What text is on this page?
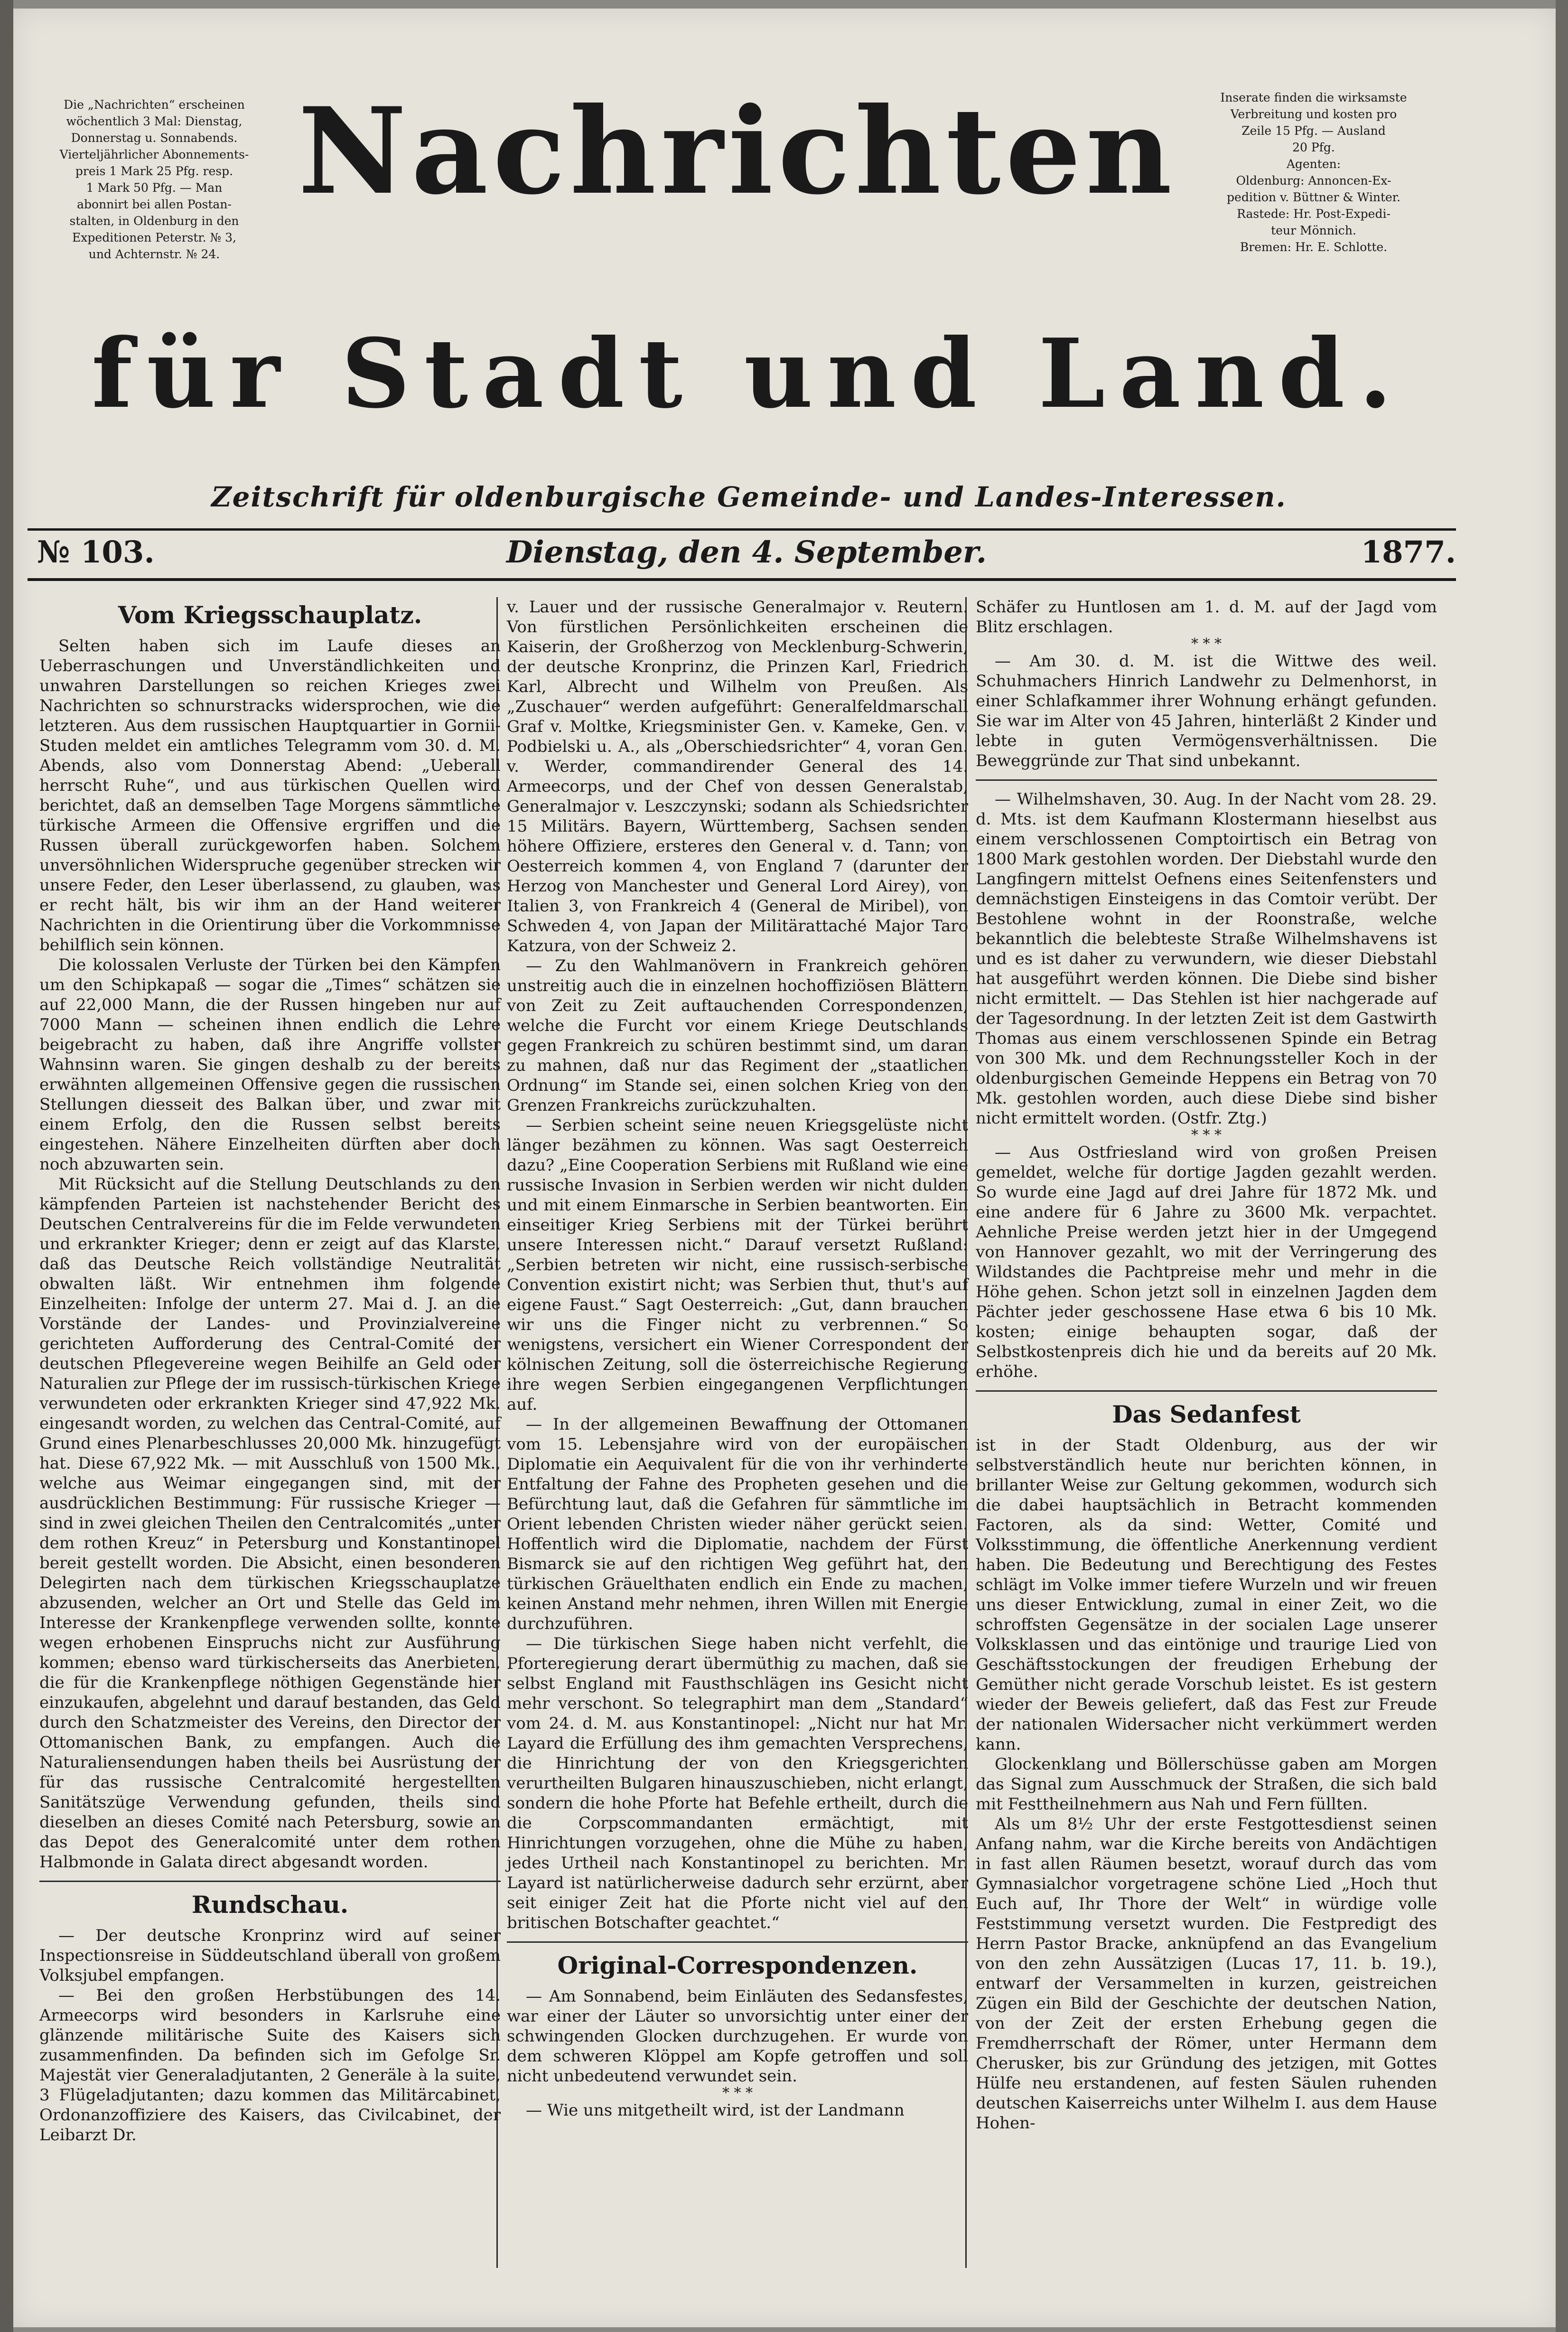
Die „Nachrichten“ erscheinen
wöchentlich 3 Mal: Dienstag,
Donnerstag u. Sonnabends.
Vierteljährlicher Abonnements-
preis 1 Mark 25 Pfg. resp.
1 Mark 50 Pfg. — Man
abonnirt bei allen Postan-
stalten, in Oldenburg in den
Expeditionen Peterstr. № 3,
und Achternstr. № 24.
Inserate finden die wirksamste
Verbreitung und kosten pro
Zeile 15 Pfg. — Ausland
20 Pfg.
Agenten:
Oldenburg: Annoncen-Ex-
pedition v. Büttner & Winter.
Rastede: Hr. Post-Expedi-
teur Mönnich.
Bremen: Hr. E. Schlotte.
Nachrichten
für Stadt und Land.
Zeitschrift für oldenburgische Gemeinde- und Landes-Interessen.
№ 103.	Dienstag, den 4. September.	1877.
Vom Kriegsschauplatz.

Selten haben sich im Laufe dieses an Ueberraschungen und Unverständlichkeiten und unwahren Darstellungen so reichen Krieges zwei Nachrichten so schnurstracks widersprochen, wie die letzteren. Aus dem russischen Hauptquartier in Gornii-Studen meldet ein amtliches Telegramm vom 30. d. M. Abends, also vom Donnerstag Abend: „Ueberall herrscht Ruhe“, und aus türkischen Quellen wird berichtet, daß an demselben Tage Morgens sämmtliche türkische Armeen die Offensive ergriffen und die Russen überall zurückgeworfen haben. Solchem unversöhnlichen Widerspruche gegenüber strecken wir unsere Feder, den Leser überlassend, zu glauben, was er recht hält, bis wir ihm an der Hand weiterer Nachrichten in die Orientirung über die Vorkommnisse behilflich sein können.

Die kolossalen Verluste der Türken bei den Kämpfen um den Schipkapaß — sogar die „Times“ schätzen sie auf 22,000 Mann, die der Russen hingeben nur auf 7000 Mann — scheinen ihnen endlich die Lehre beigebracht zu haben, daß ihre Angriffe vollster Wahnsinn waren. Sie gingen deshalb zu der bereits erwähnten allgemeinen Offensive gegen die russischen Stellungen diesseit des Balkan über, und zwar mit einem Erfolg, den die Russen selbst bereits eingestehen. Nähere Einzelheiten dürften aber doch noch abzuwarten sein.

Mit Rücksicht auf die Stellung Deutschlands zu den kämpfenden Parteien ist nachstehender Bericht des Deutschen Centralvereins für die im Felde verwundeten und erkrankter Krieger; denn er zeigt auf das Klarste, daß das Deutsche Reich vollständige Neutralität obwalten läßt. Wir entnehmen ihm folgende Einzelheiten: Infolge der unterm 27. Mai d. J. an die Vorstände der Landes- und Provinzialvereine gerichteten Aufforderung des Central-Comité der deutschen Pflegevereine wegen Beihilfe an Geld oder Naturalien zur Pflege der im russisch-türkischen Kriege verwundeten oder erkrankten Krieger sind 47,922 Mk. eingesandt worden, zu welchen das Central-Comité, auf Grund eines Plenarbeschlusses 20,000 Mk. hinzugefügt hat. Diese 67,922 Mk. — mit Ausschluß von 1500 Mk., welche aus Weimar eingegangen sind, mit der ausdrücklichen Bestimmung: Für russische Krieger — sind in zwei gleichen Theilen den Centralcomités „unter dem rothen Kreuz“ in Petersburg und Konstantinopel bereit gestellt worden. Die Absicht, einen besonderen Delegirten nach dem türkischen Kriegsschauplatze abzusenden, welcher an Ort und Stelle das Geld im Interesse der Krankenpflege verwenden sollte, konnte wegen erhobenen Einspruchs nicht zur Ausführung kommen; ebenso ward türkischerseits das Anerbieten, die für die Krankenpflege nöthigen Gegenstände hier einzukaufen, abgelehnt und darauf bestanden, das Geld durch den Schatzmeister des Vereins, den Director der Ottomanischen Bank, zu empfangen. Auch die Naturaliensendungen haben theils bei Ausrüstung der für das russische Centralcomité hergestellten Sanitätszüge Verwendung gefunden, theils sind dieselben an dieses Comité nach Petersburg, sowie an das Depot des Generalcomité unter dem rothen Halbmonde in Galata direct abgesandt worden.

Rundschau.

— Der deutsche Kronprinz wird auf seiner Inspectionsreise in Süddeutschland überall von großem Volksjubel empfangen.

— Bei den großen Herbstübungen des 14. Armeecorps wird besonders in Karlsruhe eine glänzende militärische Suite des Kaisers sich zusammenfinden. Da befinden sich im Gefolge Sr. Majestät vier Generaladjutanten, 2 Generäle à la suite, 3 Flügeladjutanten; dazu kommen das Militärcabinet, Ordonanzoffiziere des Kaisers, das Civilcabinet, der Leibarzt Dr.

v. Lauer und der russische Generalmajor v. Reutern. Von fürstlichen Persönlichkeiten erscheinen die Kaiserin, der Großherzog von Mecklenburg-Schwerin, der deutsche Kronprinz, die Prinzen Karl, Friedrich Karl, Albrecht und Wilhelm von Preußen. Als „Zuschauer“ werden aufgeführt: Generalfeldmarschall Graf v. Moltke, Kriegsminister Gen. v. Kameke, Gen. v. Podbielski u. A., als „Oberschiedsrichter“ 4, voran Gen. v. Werder, commandirender General des 14. Armeecorps, und der Chef von dessen Generalstab, Generalmajor v. Leszczynski; sodann als Schiedsrichter 15 Militärs. Bayern, Württemberg, Sachsen senden höhere Offiziere, ersteres den General v. d. Tann; von Oesterreich kommen 4, von England 7 (darunter der Herzog von Manchester und General Lord Airey), von Italien 3, von Frankreich 4 (General de Miribel), von Schweden 4, von Japan der Militärattaché Major Taro Katzura, von der Schweiz 2.

— Zu den Wahlmanövern in Frankreich gehören unstreitig auch die in einzelnen hochoffiziösen Blättern von Zeit zu Zeit auftauchenden Correspondenzen, welche die Furcht vor einem Kriege Deutschlands gegen Frankreich zu schüren bestimmt sind, um daran zu mahnen, daß nur das Regiment der „staatlichen Ordnung“ im Stande sei, einen solchen Krieg von den Grenzen Frankreichs zurückzuhalten.

— Serbien scheint seine neuen Kriegsgelüste nicht länger bezähmen zu können. Was sagt Oesterreich dazu? „Eine Cooperation Serbiens mit Rußland wie eine russische Invasion in Serbien werden wir nicht dulden und mit einem Einmarsche in Serbien beantworten. Ein einseitiger Krieg Serbiens mit der Türkei berührt unsere Interessen nicht.“ Darauf versetzt Rußland: „Serbien betreten wir nicht, eine russisch-serbische Convention existirt nicht; was Serbien thut, thut's auf eigene Faust.“ Sagt Oesterreich: „Gut, dann brauchen wir uns die Finger nicht zu verbrennen.“ So wenigstens, versichert ein Wiener Correspondent der kölnischen Zeitung, soll die österreichische Regierung ihre wegen Serbien eingegangenen Verpflichtungen auf.

— In der allgemeinen Bewaffnung der Ottomanen vom 15. Lebensjahre wird von der europäischen Diplomatie ein Aequivalent für die von ihr verhinderte Entfaltung der Fahne des Propheten gesehen und die Befürchtung laut, daß die Gefahren für sämmtliche im Orient lebenden Christen wieder näher gerückt seien. Hoffentlich wird die Diplomatie, nachdem der Fürst Bismarck sie auf den richtigen Weg geführt hat, den türkischen Gräuelthaten endlich ein Ende zu machen, keinen Anstand mehr nehmen, ihren Willen mit Energie durchzuführen.

— Die türkischen Siege haben nicht verfehlt, die Pforteregierung derart übermüthig zu machen, daß sie selbst England mit Fausthschlägen ins Gesicht nicht mehr verschont. So telegraphirt man dem „Standard“ vom 24. d. M. aus Konstantinopel: „Nicht nur hat Mr. Layard die Erfüllung des ihm gemachten Versprechens, die Hinrichtung der von den Kriegsgerichten verurtheilten Bulgaren hinauszuschieben, nicht erlangt, sondern die hohe Pforte hat Befehle ertheilt, durch die die Corpscommandanten ermächtigt, mit Hinrichtungen vorzugehen, ohne die Mühe zu haben, jedes Urtheil nach Konstantinopel zu berichten. Mr. Layard ist natürlicherweise dadurch sehr erzürnt, aber seit einiger Zeit hat die Pforte nicht viel auf den britischen Botschafter geachtet.“

Original-Correspondenzen.

— Am Sonnabend, beim Einläuten des Sedansfestes, war einer der Läuter so unvorsichtig unter einer der schwingenden Glocken durchzugehen. Er wurde von dem schweren Klöppel am Kopfe getroffen und soll nicht unbedeutend verwundet sein.

* * *

— Wie uns mitgetheilt wird, ist der Landmann

Schäfer zu Huntlosen am 1. d. M. auf der Jagd vom Blitz erschlagen.

* * *

— Am 30. d. M. ist die Wittwe des weil. Schuhmachers Hinrich Landwehr zu Delmenhorst, in einer Schlafkammer ihrer Wohnung erhängt gefunden. Sie war im Alter von 45 Jahren, hinterläßt 2 Kinder und lebte in guten Vermögensverhältnissen. Die Beweggründe zur That sind unbekannt.

— Wilhelmshaven, 30. Aug. In der Nacht vom 28. 29. d. Mts. ist dem Kaufmann Klostermann hieselbst aus einem verschlossenen Comptoirtisch ein Betrag von 1800 Mark gestohlen worden. Der Diebstahl wurde den Langfingern mittelst Oefnens eines Seitenfensters und demnächstigen Einsteigens in das Comtoir verübt. Der Bestohlene wohnt in der Roonstraße, welche bekanntlich die belebteste Straße Wilhelmshavens ist und es ist daher zu verwundern, wie dieser Diebstahl hat ausgeführt werden können. Die Diebe sind bisher nicht ermittelt. — Das Stehlen ist hier nachgerade auf der Tagesordnung. In der letzten Zeit ist dem Gastwirth Thomas aus einem verschlossenen Spinde ein Betrag von 300 Mk. und dem Rechnungssteller Koch in der oldenburgischen Gemeinde Heppens ein Betrag von 70 Mk. gestohlen worden, auch diese Diebe sind bisher nicht ermittelt worden. (Ostfr. Ztg.)

* * *

— Aus Ostfriesland wird von großen Preisen gemeldet, welche für dortige Jagden gezahlt werden. So wurde eine Jagd auf drei Jahre für 1872 Mk. und eine andere für 6 Jahre zu 3600 Mk. verpachtet. Aehnliche Preise werden jetzt hier in der Umgegend von Hannover gezahlt, wo mit der Verringerung des Wildstandes die Pachtpreise mehr und mehr in die Höhe gehen. Schon jetzt soll in einzelnen Jagden dem Pächter jeder geschossene Hase etwa 6 bis 10 Mk. kosten; einige behaupten sogar, daß der Selbstkostenpreis dich hie und da bereits auf 20 Mk. erhöhe.

Das Sedanfest

ist in der Stadt Oldenburg, aus der wir selbstverständlich heute nur berichten können, in brillanter Weise zur Geltung gekommen, wodurch sich die dabei hauptsächlich in Betracht kommenden Factoren, als da sind: Wetter, Comité und Volksstimmung, die öffentliche Anerkennung verdient haben. Die Bedeutung und Berechtigung des Festes schlägt im Volke immer tiefere Wurzeln und wir freuen uns dieser Entwicklung, zumal in einer Zeit, wo die schroffsten Gegensätze in der socialen Lage unserer Volksklassen und das eintönige und traurige Lied von Geschäftsstockungen der freudigen Erhebung der Gemüther nicht gerade Vorschub leistet. Es ist gestern wieder der Beweis geliefert, daß das Fest zur Freude der nationalen Widersacher nicht verkümmert werden kann.

Glockenklang und Böllerschüsse gaben am Morgen das Signal zum Ausschmuck der Straßen, die sich bald mit Festtheilnehmern aus Nah und Fern füllten.

Als um 8½ Uhr der erste Festgottesdienst seinen Anfang nahm, war die Kirche bereits von Andächtigen in fast allen Räumen besetzt, worauf durch das vom Gymnasialchor vorgetragene schöne Lied „Hoch thut Euch auf, Ihr Thore der Welt“ in würdige volle Feststimmung versetzt wurden. Die Festpredigt des Herrn Pastor Bracke, anknüpfend an das Evangelium von den zehn Aussätzigen (Lucas 17, 11. b. 19.), entwarf der Versammelten in kurzen, geistreichen Zügen ein Bild der Geschichte der deutschen Nation, von der Zeit der ersten Erhebung gegen die Fremdherrschaft der Römer, unter Hermann dem Cherusker, bis zur Gründung des jetzigen, mit Gottes Hülfe neu erstandenen, auf festen Säulen ruhenden deutschen Kaiserreichs unter Wilhelm I. aus dem Hause Hohen-
